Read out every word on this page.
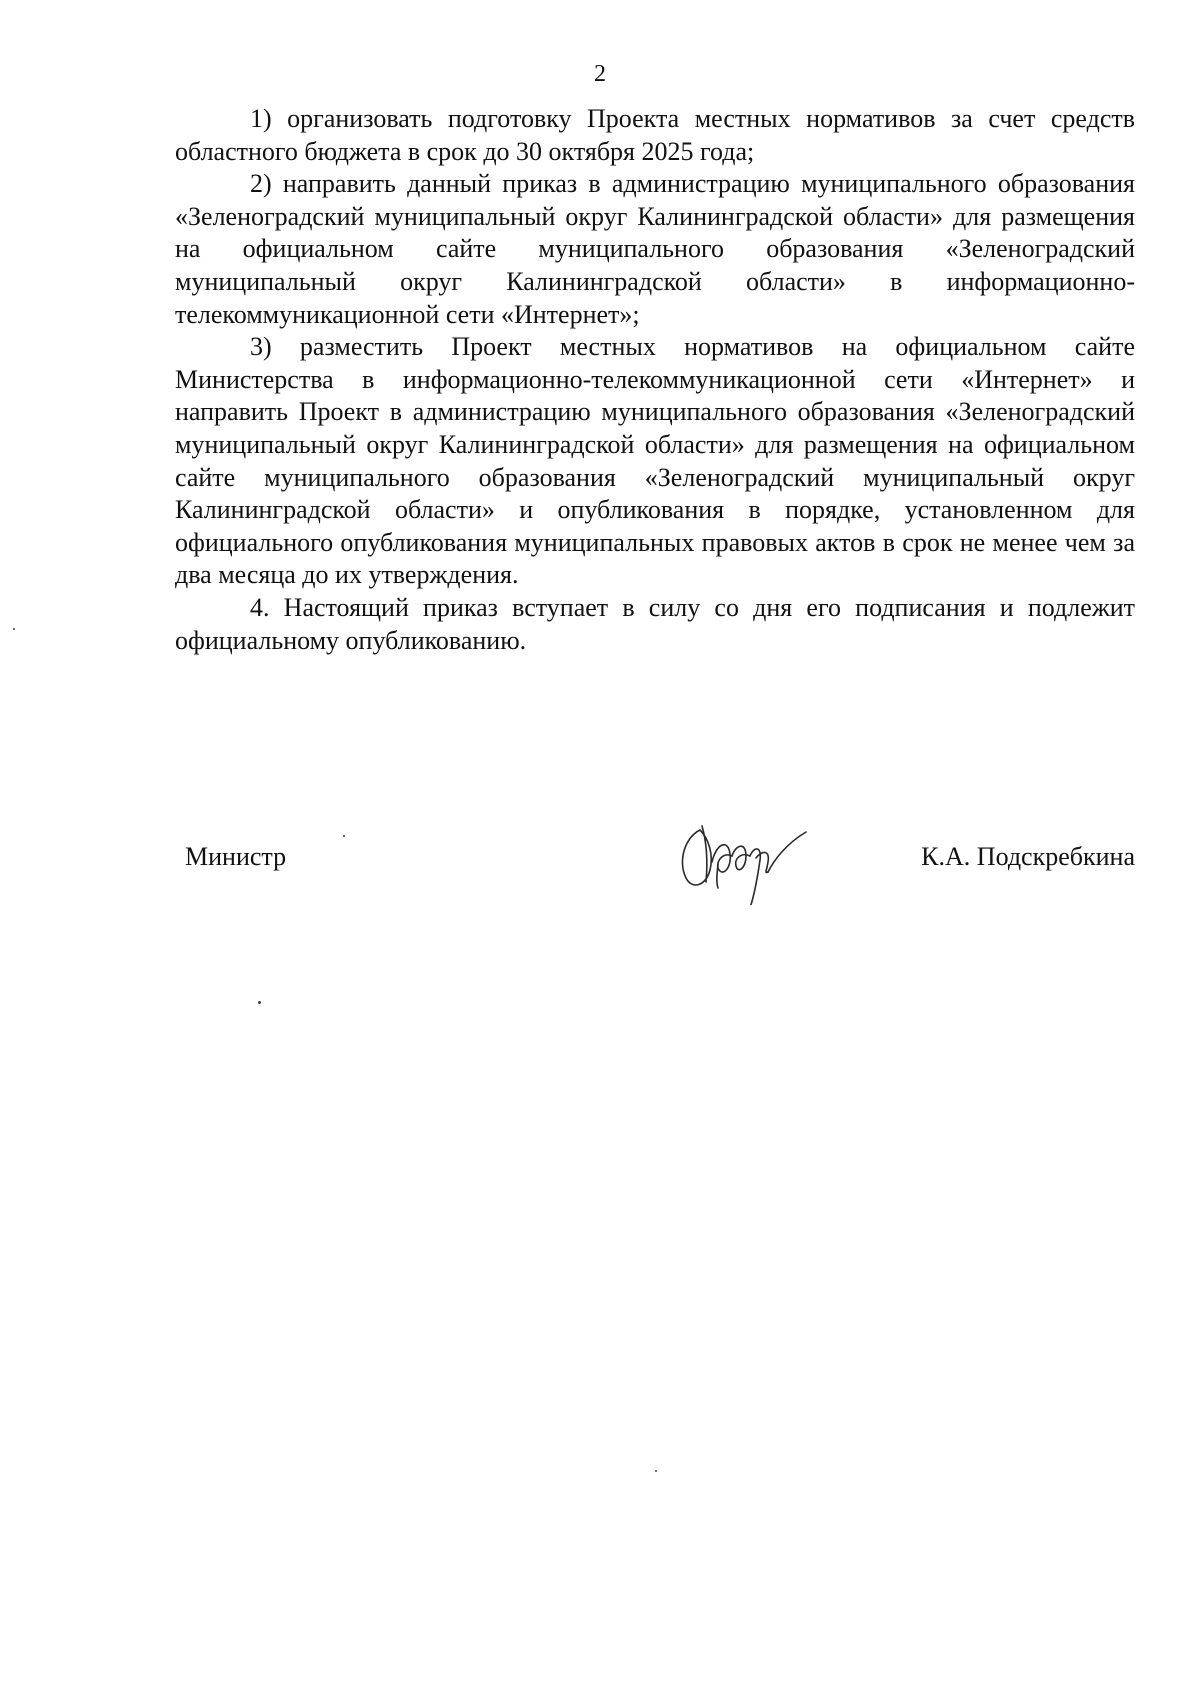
2

1) организовать подготовку Проекта местных нормативов за счет средств областного бюджета в срок до 30 октября 2025 года;

2) направить данный приказ в администрацию муниципального образования «Зеленоградский муниципальный округ Калининградской области» для размещения на официальном сайте муниципального образования «Зеленоградский муниципальный округ Калининградской области» в информационно-телекоммуникационной сети «Интернет»;

3) разместить Проект местных нормативов на официальном сайте Министерства в информационно-телекоммуникационной сети «Интернет» и направить Проект в администрацию муниципального образования «Зеленоградский муниципальный округ Калининградской области» для размещения на официальном сайте муниципального образования «Зеленоградский муниципальный округ Калининградской области» и опубликования в порядке, установленном для официального опубликования муниципальных правовых актов в срок не менее чем за два месяца до их утверждения.

4. Настоящий приказ вступает в силу со дня его подписания и подлежит официальному опубликованию.

Министр	К.А. Подскребкина
